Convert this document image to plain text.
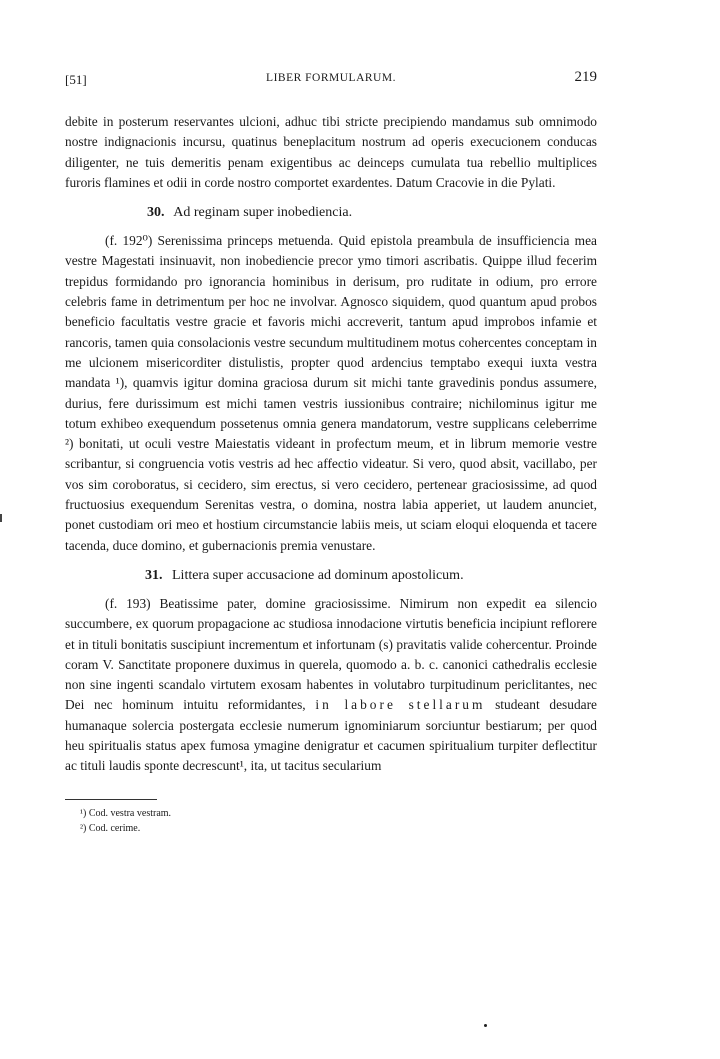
[51]	LIBER FORMULARUM.	219

debite in posterum reservantes ulcioni, adhuc tibi stricte precipiendo mandamus sub omnimodo nostre indignacionis incursu, quatinus beneplacitum nostrum ad operis execucionem conducas diligenter, ne tuis demeritis penam exigentibus ac deinceps cumulata tua rebellio multiplices furoris flamines et odii in corde nostro comportet exardentes. Datum Cracovie in die Pylati.

30. Ad reginam super inobediencia.

(f. 192⁰) Serenissima princeps metuenda. Quid epistola preambula de insufficiencia mea vestre Magestati insinuavit, non inobediencie precor ymo timori ascribatis. Quippe illud fecerim trepidus formidando pro ignorancia hominibus in derisum, pro ruditate in odium, pro errore celebris fame in detrimentum per hoc ne involvar. Agnosco siquidem, quod quantum apud probos beneficio facultatis vestre gracie et favoris michi accreverit, tantum apud improbos infamie et rancoris, tamen quia consolacionis vestre secundum multitudinem motus cohercentes conceptam in me ulcionem misericorditer distulistis, propter quod ardencius temptabo exequi iuxta vestra mandata ¹), quamvis igitur domina graciosa durum sit michi tante gravedinis pondus assumere, durius, fere durissimum est michi tamen vestris iussionibus contraire; nichilominus igitur me totum exhibeo exequendum possetenus omnia genera mandatorum, vestre supplicans celeberrime ²) bonitati, ut oculi vestre Maiestatis videant in profectum meum, et in librum memorie vestre scribantur, si congruencia votis vestris ad hec affectio videatur. Si vero, quod absit, vacillabo, per vos sim coroboratus, si cecidero, sim erectus, si vero cecidero, pertenear graciosissime, ad quod fructuosius exequendum Serenitas vestra, o domina, nostra labia apperiet, ut laudem anunciet, ponet custodiam ori meo et hostium circumstancie labiis meis, ut sciam eloqui eloquenda et tacere tacenda, duce domino, et gubernacionis premia venustare.

31. Littera super accusacione ad dominum apostolicum.

(f. 193) Beatissime pater, domine graciosissime. Nimirum non expedit ea silencio succumbere, ex quorum propagacione ac studiosa innodacione virtutis beneficia incipiunt reflorere et in tituli bonitatis suscipiunt incrementum et infortunam (s) pravitatis valide cohercentur. Proinde coram V. Sanctitate proponere duximus in querela, quomodo a. b. c. canonici cathedralis ecclesie non sine ingenti scandalo virtutem exosam habentes in volutabro turpitudinum periclitantes, nec Dei nec hominum intuitu reformidantes, in labore stellarum studeant desudare humanaque solercia postergata ecclesie numerum ignominiarum sorciuntur bestiarum; per quod heu spiritualis status apex fumosa ymagine denigratur et cacumen spiritualium turpiter deflectitur ac tituli laudis sponte decrescunt¹, ita, ut tacitus secularium

¹) Cod. vestra vestram.
²) Cod. cerime.
